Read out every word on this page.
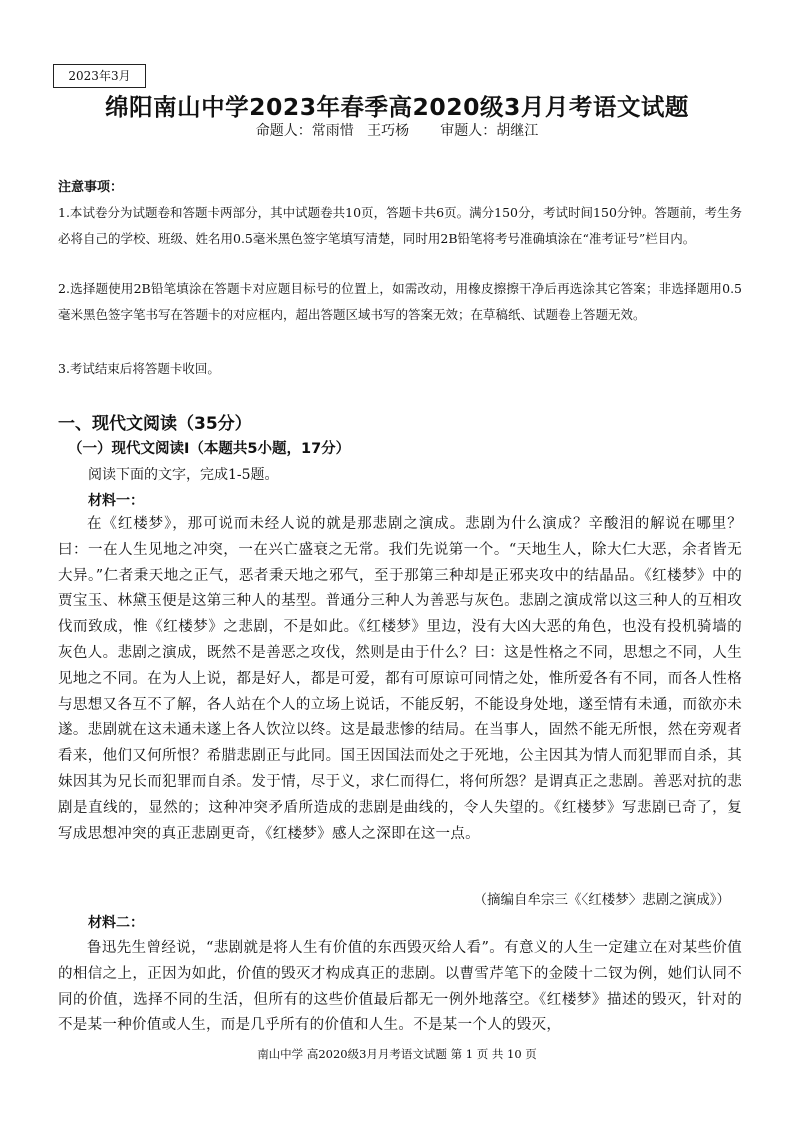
2023年3月
绵阳南山中学2023年春季高2020级3月月考语文试题
命题人：常雨惜   王巧杨       审题人：胡继江
注意事项：
1.本试卷分为试题卷和答题卡两部分，其中试题卷共10页，答题卡共6页。满分150分，考试时间150分钟。答题前，考生务必将自己的学校、班级、姓名用0.5毫米黑色签字笔填写清楚，同时用2B铅笔将考号准确填涂在“准考证号”栏目内。
2.选择题使用2B铅笔填涂在答题卡对应题目标号的位置上，如需改动，用橡皮擦擦干净后再选涂其它答案；非选择题用0.5毫米黑色签字笔书写在答题卡的对应框内，超出答题区域书写的答案无效；在草稿纸、试题卷上答题无效。
3.考试结束后将答题卡收回。
一、现代文阅读（35分）
（一）现代文阅读Ⅰ（本题共5小题，17分）
阅读下面的文字，完成1-5题。
材料一：
在《红楼梦》，那可说而未经人说的就是那悲剧之演成。悲剧为什么演成？辛酸泪的解说在哪里？曰：一在人生见地之冲突，一在兴亡盛衰之无常。我们先说第一个。“天地生人，除大仁大恶，余者皆无大异。”仁者秉天地之正气，恶者秉天地之邪气，至于那第三种却是正邪夹攻中的结晶品。《红楼梦》中的贾宝玉、林黛玉便是这第三种人的基型。普通分三种人为善恶与灰色。悲剧之演成常以这三种人的互相攻伐而致成，惟《红楼梦》之悲剧，不是如此。《红楼梦》里边，没有大凶大恶的角色，也没有投机骑墙的灰色人。悲剧之演成，既然不是善恶之攻伐，然则是由于什么？曰：这是性格之不同，思想之不同，人生见地之不同。在为人上说，都是好人，都是可爱，都有可原谅可同情之处，惟所爱各有不同，而各人性格与思想又各互不了解，各人站在个人的立场上说话，不能反躬，不能设身处地，遂至情有未通，而欲亦未遂。悲剧就在这未通未遂上各人饮泣以终。这是最悲惨的结局。在当事人，固然不能无所恨，然在旁观者看来，他们又何所恨？希腊悲剧正与此同。国王因国法而处之于死地，公主因其为情人而犯罪而自杀，其妹因其为兄长而犯罪而自杀。发于情，尽于义，求仁而得仁，将何所怨？是谓真正之悲剧。善恶对抗的悲剧是直线的，显然的；这种冲突矛盾所造成的悲剧是曲线的，令人失望的。《红楼梦》写悲剧已奇了，复写成思想冲突的真正悲剧更奇，《红楼梦》感人之深即在这一点。
（摘编自牟宗三《〈红楼梦〉悲剧之演成》）
材料二：
鲁迅先生曾经说，“悲剧就是将人生有价值的东西毁灭给人看”。有意义的人生一定建立在对某些价值的相信之上，正因为如此，价值的毁灭才构成真正的悲剧。以曹雪芹笔下的金陵十二钗为例，她们认同不同的价值，选择不同的生活，但所有的这些价值最后都无一例外地落空。《红楼梦》描述的毁灭，针对的不是某一种价值或人生，而是几乎所有的价值和人生。不是某一个人的毁灭，
南山中学 高2020级3月月考语文试题 第 1 页 共 10 页
